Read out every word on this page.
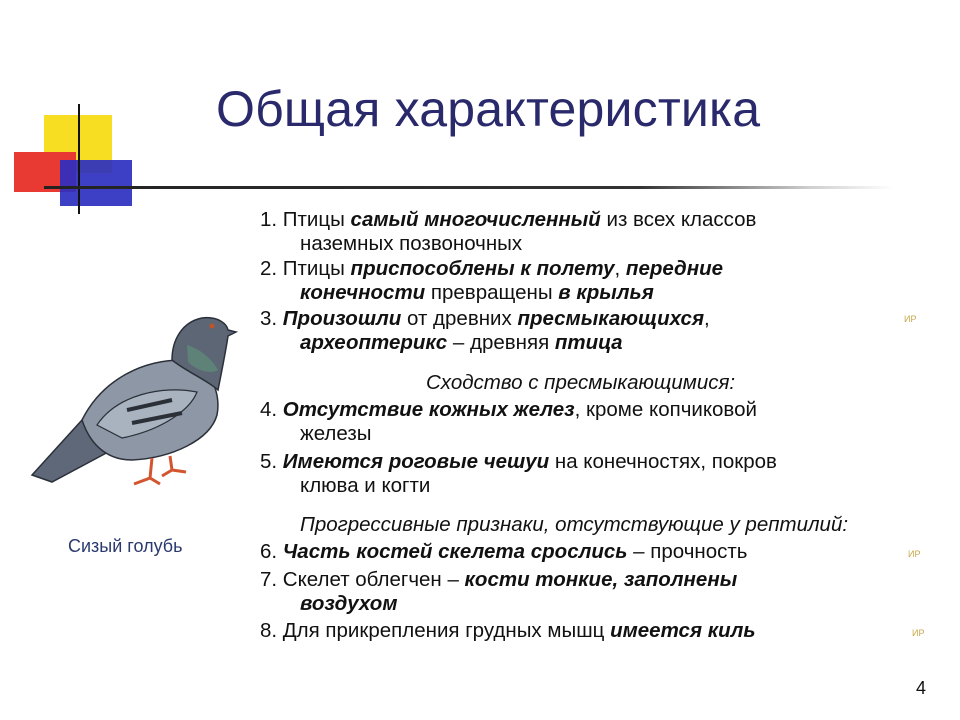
Общая характеристика
Сизый голубь
1. Птицы самый многочисленный из всех классов
наземных позвоночных
2. Птицы приспособлены к полету, передние
конечности превращены в крылья
3. Произошли от древних пресмыкающихся,
археоптерикс – древняя птица
Сходство с пресмыкающимися:
4. Отсутствие кожных желез, кроме копчиковой
железы
5. Имеются роговые чешуи на конечностях, покров
клюва и когти
Прогрессивные признаки, отсутствующие у рептилий:
6. Часть костей скелета срослись – прочность
7. Скелет облегчен – кости тонкие, заполнены
воздухом
8. Для прикрепления грудных мышц имеется киль
ИР
ИР
ИР
4
